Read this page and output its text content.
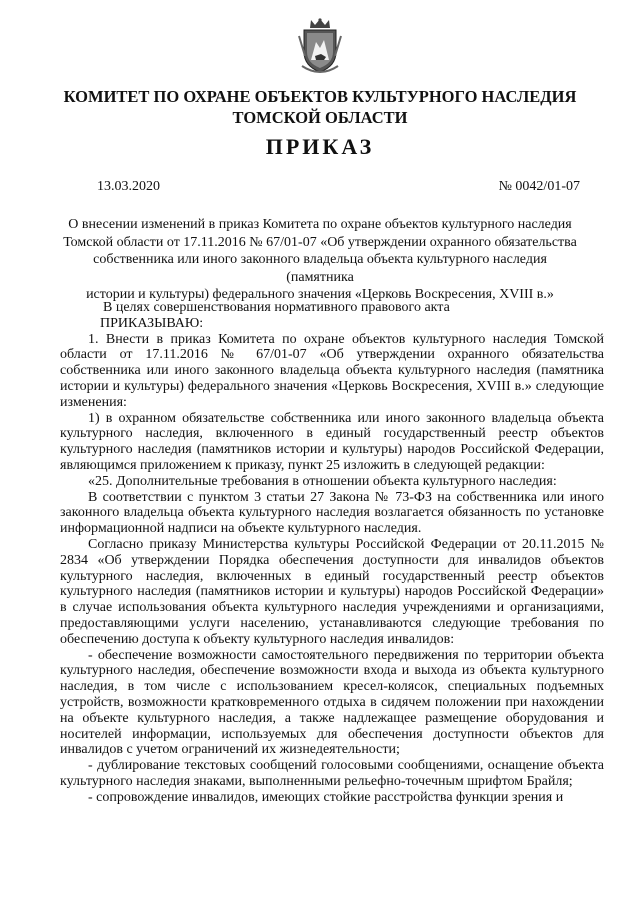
КОМИТЕТ ПО ОХРАНЕ ОБЪЕКТОВ КУЛЬТУРНОГО НАСЛЕДИЯ
ТОМСКОЙ ОБЛАСТИ
ПРИКАЗ
13.03.2020	№ 0042/01-07
О внесении изменений в приказ Комитета по охране объектов культурного наследия
Томской области от 17.11.2016 № 67/01-07 «Об утверждении охранного обязательства
собственника или иного законного владельца объекта культурного наследия (памятника
истории и культуры) федерального значения «Церковь Воскресения, XVIII в.»

В целях совершенствования нормативного правового акта

ПРИКАЗЫВАЮ:

1. Внести в приказ Комитета по охране объектов культурного наследия Томской области от 17.11.2016 № 67/01-07 «Об утверждении охранного обязательства собственника или иного законного владельца объекта культурного наследия (памятника истории и культуры) федерального значения «Церковь Воскресения, XVIII в.» следующие изменения:

1) в охранном обязательстве собственника или иного законного владельца объекта культурного наследия, включенного в единый государственный реестр объектов культурного наследия (памятников истории и культуры) народов Российской Федерации, являющимся приложением к приказу, пункт 25 изложить в следующей редакции:

«25. Дополнительные требования в отношении объекта культурного наследия:

В соответствии с пунктом 3 статьи 27 Закона № 73-ФЗ на собственника или иного законного владельца объекта культурного наследия возлагается обязанность по установке информационной надписи на объекте культурного наследия.

Согласно приказу Министерства культуры Российской Федерации от 20.11.2015 № 2834 «Об утверждении Порядка обеспечения доступности для инвалидов объектов культурного наследия, включенных в единый государственный реестр объектов культурного наследия (памятников истории и культуры) народов Российской Федерации» в случае использования объекта культурного наследия учреждениями и организациями, предоставляющими услуги населению, устанавливаются следующие требования по обеспечению доступа к объекту культурного наследия инвалидов:

- обеспечение возможности самостоятельного передвижения по территории объекта культурного наследия, обеспечение возможности входа и выхода из объекта культурного наследия, в том числе с использованием кресел-колясок, специальных подъемных устройств, возможности кратковременного отдыха в сидячем положении при нахождении на объекте культурного наследия, а также надлежащее размещение оборудования и носителей информации, используемых для обеспечения доступности объектов для инвалидов с учетом ограничений их жизнедеятельности;

- дублирование текстовых сообщений голосовыми сообщениями, оснащение объекта культурного наследия знаками, выполненными рельефно-точечным шрифтом Брайля;

- сопровождение инвалидов, имеющих стойкие расстройства функции зрения и
